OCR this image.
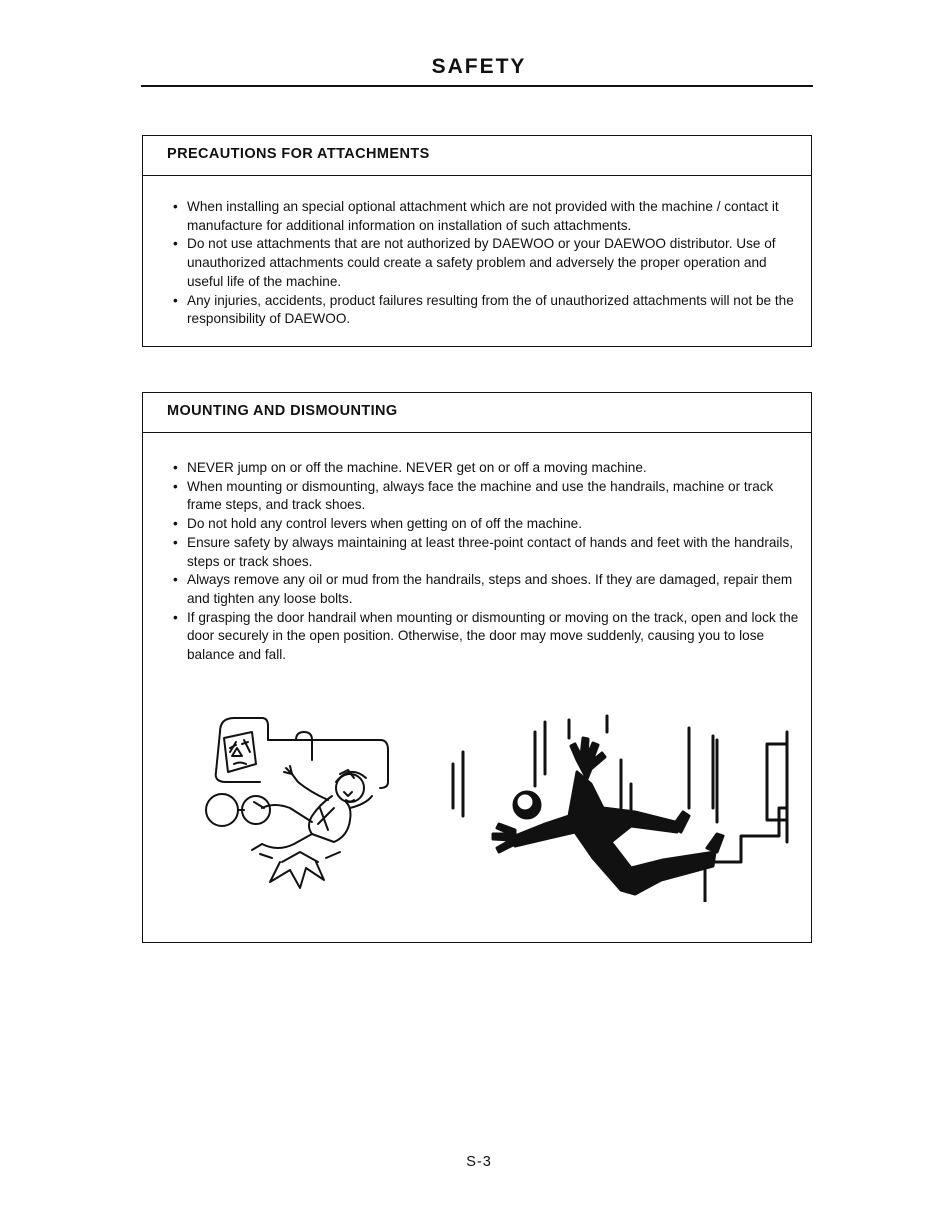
SAFETY
PRECAUTIONS FOR ATTACHMENTS
• When installing an special optional attachment which are not provided with the machine / contact it manufacture for additional information on installation of such attachments.
• Do not use attachments that are not authorized by DAEWOO or your DAEWOO distributor. Use of unauthorized attachments could create a safety problem and adversely the proper operation and useful life of the machine.
• Any injuries, accidents, product failures resulting from the of unauthorized attachments will not be the responsibility of DAEWOO.
MOUNTING AND DISMOUNTING
• NEVER jump on or off the machine. NEVER get on or off a moving machine.
• When mounting or dismounting, always face the machine and use the handrails, machine or track frame steps, and track shoes.
• Do not hold any control levers when getting on of off the machine.
• Ensure safety by always maintaining at least three-point contact of hands and feet with the handrails, steps or track shoes.
• Always remove any oil or mud from the handrails, steps and shoes. If they are damaged, repair them and tighten any loose bolts.
• If grasping the door handrail when mounting or dismounting or moving on the track, open and lock the door securely in the open position. Otherwise, the door may move suddenly, causing you to lose balance and fall.
S-3
